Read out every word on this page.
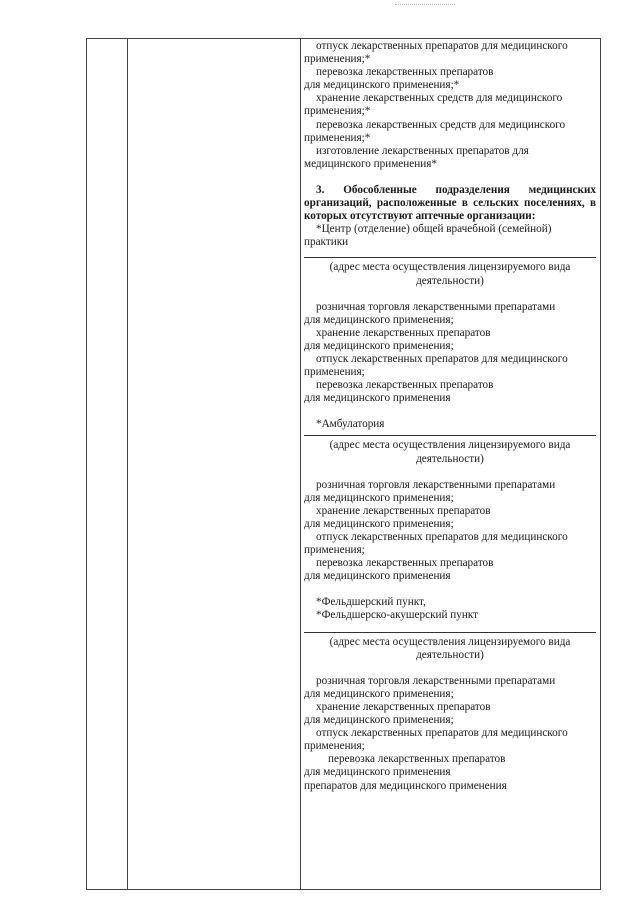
отпуск лекарственных препаратов для медицинского применения;*

перевозка лекарственных препаратов

для медицинского применения;*

хранение лекарственных средств для медицинского применения;*

перевозка лекарственных средств для медицинского применения;*

изготовление лекарственных препаратов для медицинского применения*

3. Обособленные подразделения медицинских организаций, расположенные в сельских поселениях, в которых отсутствуют аптечные организации:

*Центр (отделение) общей врачебной (семейной) практики

(адрес места осуществления лицензируемого вида деятельности)

розничная торговля лекарственными препаратами

для медицинского применения;

хранение лекарственных препаратов

для медицинского применения;

отпуск лекарственных препаратов для медицинского применения;

перевозка лекарственных препаратов

для медицинского применения

*Амбулатория

(адрес места осуществления лицензируемого вида деятельности)

розничная торговля лекарственными препаратами

для медицинского применения;

хранение лекарственных препаратов

для медицинского применения;

отпуск лекарственных препаратов для медицинского применения;

перевозка лекарственных препаратов

для медицинского применения

*Фельдшерский пункт,

*Фельдшерско-акушерский пункт

(адрес места осуществления лицензируемого вида деятельности)

розничная торговля лекарственными препаратами

для медицинского применения;

хранение лекарственных препаратов

для медицинского применения;

отпуск лекарственных препаратов для медицинского применения;

перевозка лекарственных препаратов

для медицинского применения

препаратов для медицинского применения
